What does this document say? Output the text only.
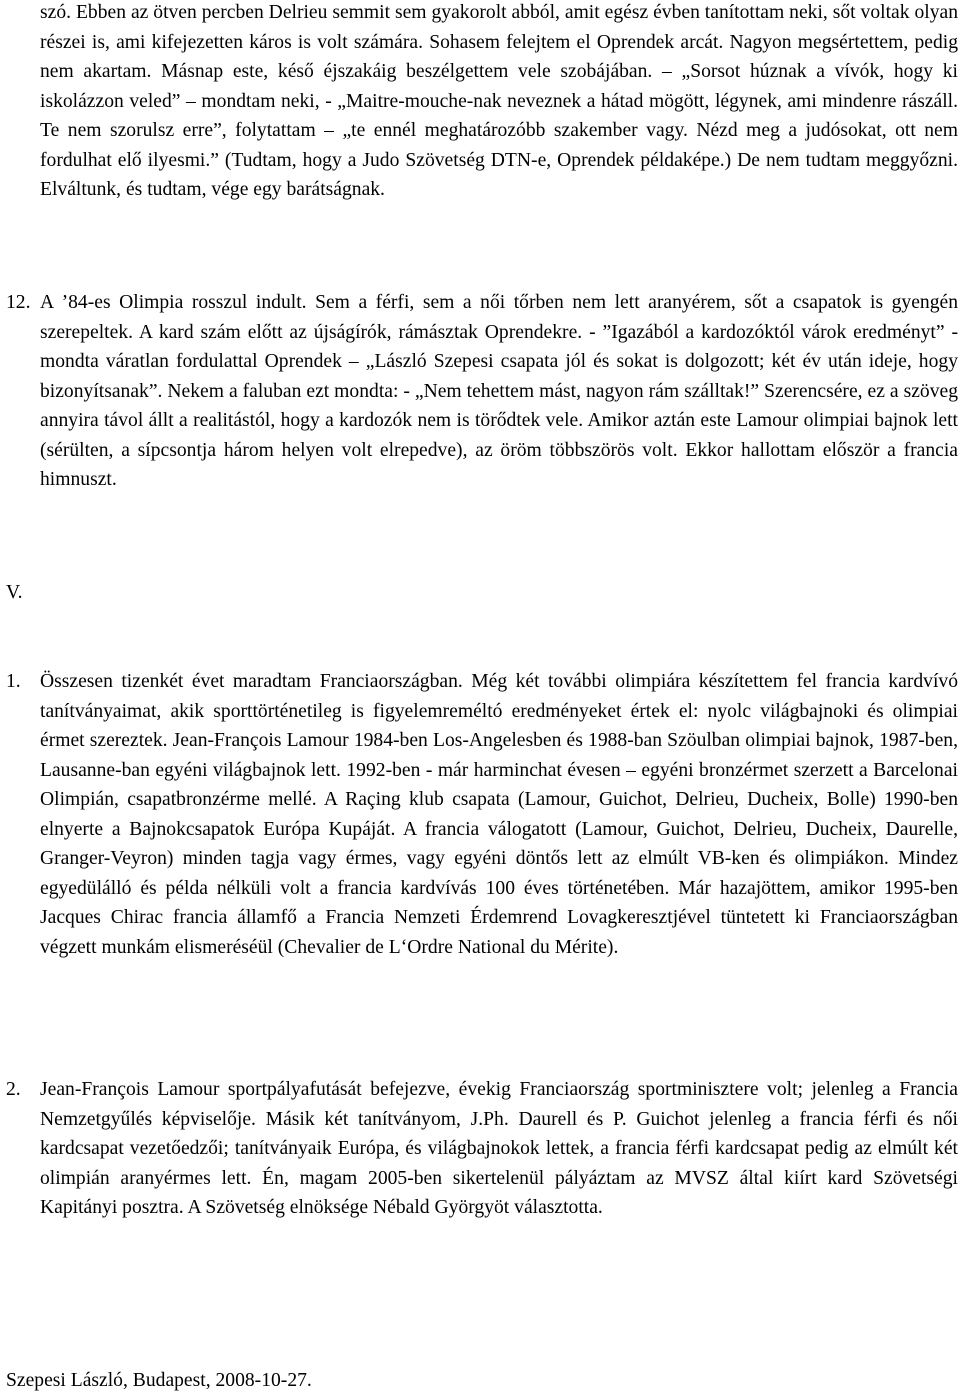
szó. Ebben az ötven percben Delrieu semmit sem gyakorolt abból, amit egész évben tanítottam neki, sőt voltak olyan részei is, ami kifejezetten káros is volt számára. Sohasem felejtem el Oprendek arcát. Nagyon megsértettem, pedig nem akartam. Másnap este, késő éjszakáig beszélgettem vele szobájában. – „Sorsot húznak a vívók, hogy ki iskolázzon veled” – mondtam neki, - „Maitre-mouche-nak neveznek a hátad mögött, légynek, ami mindenre rászáll. Te nem szorulsz erre”, folytattam – „te ennél meghatározóbb szakember vagy. Nézd meg a judósokat, ott nem fordulhat elő ilyesmi.” (Tudtam, hogy a Judo Szövetség DTN-e, Oprendek példaképe.) De nem tudtam meggyőzni. Elváltunk, és tudtam, vége egy barátságnak.

12. A ’84-es Olimpia rosszul indult. Sem a férfi, sem a női tőrben nem lett aranyérem, sőt a csapatok is gyengén szerepeltek. A kard szám előtt az újságírók, rámásztak Oprendekre. - ”Igazából a kardozóktól várok eredményt” - mondta váratlan fordulattal Oprendek – „László Szepesi csapata jól és sokat is dolgozott; két év után ideje, hogy bizonyítsanak”. Nekem a faluban ezt mondta: - „Nem tehettem mást, nagyon rám szálltak!” Szerencsére, ez a szöveg annyira távol állt a realitástól, hogy a kardozók nem is törődtek vele. Amikor aztán este Lamour olimpiai bajnok lett (sérülten, a sípcsontja három helyen volt elrepedve), az öröm többszörös volt. Ekkor hallottam először a francia himnuszt.

V.

1. Összesen tizenkét évet maradtam Franciaországban. Még két további olimpiára készítettem fel francia kardvívó tanítványaimat, akik sporttörténetileg is figyelemreméltó eredményeket értek el: nyolc világbajnoki és olimpiai érmet szereztek. Jean-François Lamour 1984-ben Los-Angelesben és 1988-ban Szöulban olimpiai bajnok, 1987-ben, Lausanne-ban egyéni világbajnok lett. 1992-ben - már harminchat évesen – egyéni bronzérmet szerzett a Barcelonai Olimpián, csapatbronzérme mellé. A Raçing klub csapata (Lamour, Guichot, Delrieu, Ducheix, Bolle) 1990-ben elnyerte a Bajnokcsapatok Európa Kupáját. A francia válogatott (Lamour, Guichot, Delrieu, Ducheix, Daurelle, Granger-Veyron) minden tagja vagy érmes, vagy egyéni döntős lett az elmúlt VB-ken és olimpiákon. Mindez egyedülálló és példa nélküli volt a francia kardvívás 100 éves történetében. Már hazajöttem, amikor 1995-ben Jacques Chirac francia államfő a Francia Nemzeti Érdemrend Lovagkeresztjével tüntetett ki Franciaországban végzett munkám elismeréséül (Chevalier de L‘Ordre National du Mérite).

2. Jean-François Lamour sportpályafutását befejezve, évekig Franciaország sportminisztere volt; jelenleg a Francia Nemzetgyűlés képviselője. Másik két tanítványom, J.Ph. Daurell és P. Guichot jelenleg a francia férfi és női kardcsapat vezetőedzői; tanítványaik Európa, és világbajnokok lettek, a francia férfi kardcsapat pedig az elmúlt két olimpián aranyérmes lett. Én, magam 2005-ben sikertelenül pályáztam az MVSZ által kiírt kard Szövetségi Kapitányi posztra. A Szövetség elnöksége Nébald Györgyöt választotta.

Szepesi László, Budapest, 2008-10-27.
